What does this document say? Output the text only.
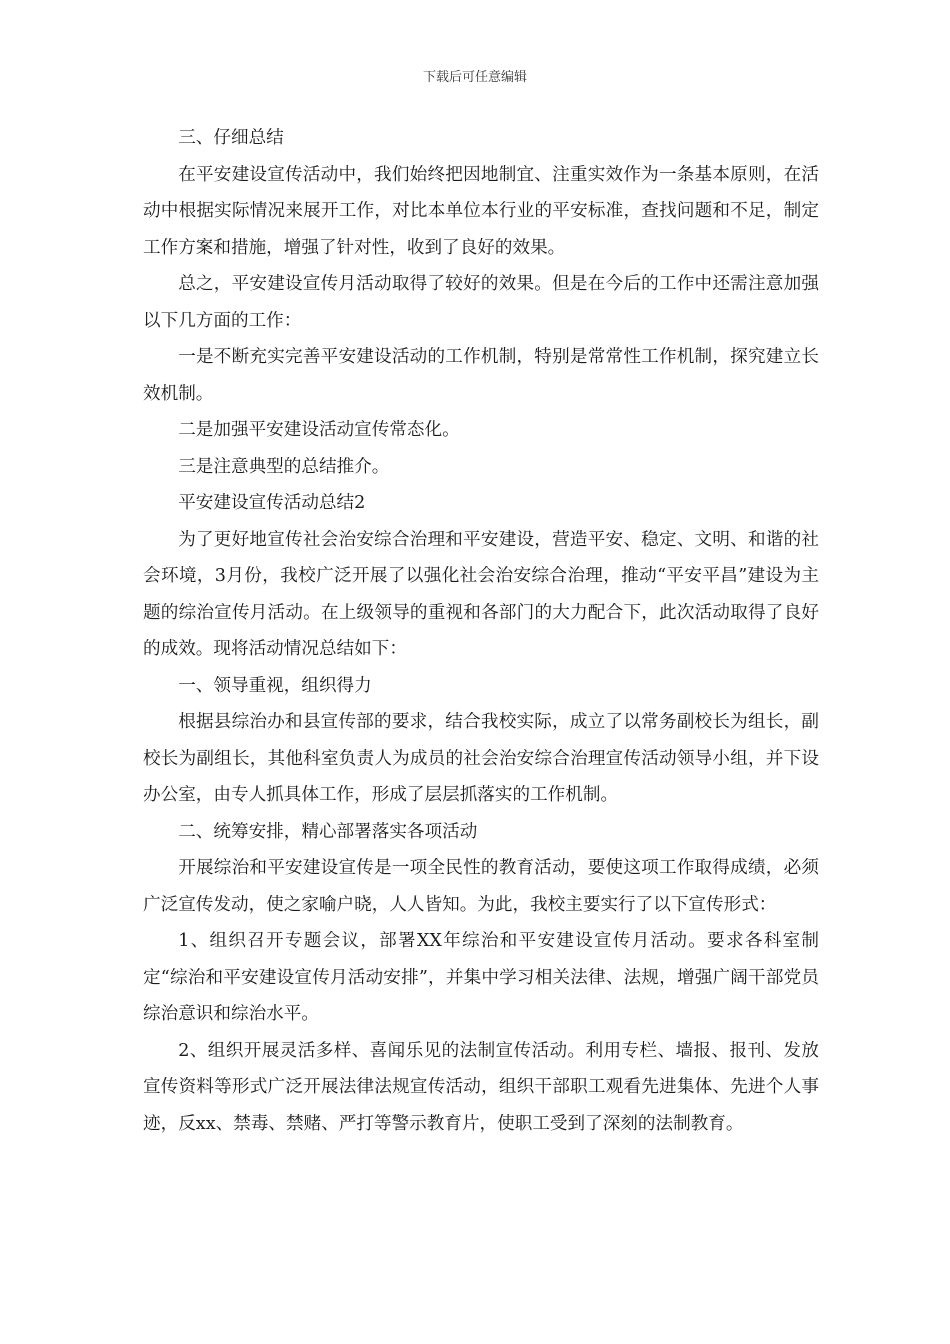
下载后可任意编辑

三、仔细总结

在平安建设宣传活动中，我们始终把因地制宜、注重实效作为一条基本原则，在活动中根据实际情况来展开工作，对比本单位本行业的平安标准，查找问题和不足，制定工作方案和措施，增强了针对性，收到了良好的效果。

总之，平安建设宣传月活动取得了较好的效果。但是在今后的工作中还需注意加强以下几方面的工作：

一是不断充实完善平安建设活动的工作机制，特别是常常性工作机制，探究建立长效机制。

二是加强平安建设活动宣传常态化。

三是注意典型的总结推介。

平安建设宣传活动总结2

为了更好地宣传社会治安综合治理和平安建设，营造平安、稳定、文明、和谐的社会环境，3月份，我校广泛开展了以强化社会治安综合治理，推动“平安平昌”建设为主题的综治宣传月活动。在上级领导的重视和各部门的大力配合下，此次活动取得了良好的成效。现将活动情况总结如下：

一、领导重视，组织得力

根据县综治办和县宣传部的要求，结合我校实际，成立了以常务副校长为组长，副校长为副组长，其他科室负责人为成员的社会治安综合治理宣传活动领导小组，并下设办公室，由专人抓具体工作，形成了层层抓落实的工作机制。

二、统筹安排，精心部署落实各项活动

开展综治和平安建设宣传是一项全民性的教育活动，要使这项工作取得成绩，必须广泛宣传发动，使之家喻户晓，人人皆知。为此，我校主要实行了以下宣传形式：

1、组织召开专题会议，部署XX年综治和平安建设宣传月活动。要求各科室制定“综治和平安建设宣传月活动安排”，并集中学习相关法律、法规，增强广阔干部党员综治意识和综治水平。

2、组织开展灵活多样、喜闻乐见的法制宣传活动。利用专栏、墙报、报刊、发放宣传资料等形式广泛开展法律法规宣传活动，组织干部职工观看先进集体、先进个人事迹，反xx、禁毒、禁赌、严打等警示教育片，使职工受到了深刻的法制教育。
